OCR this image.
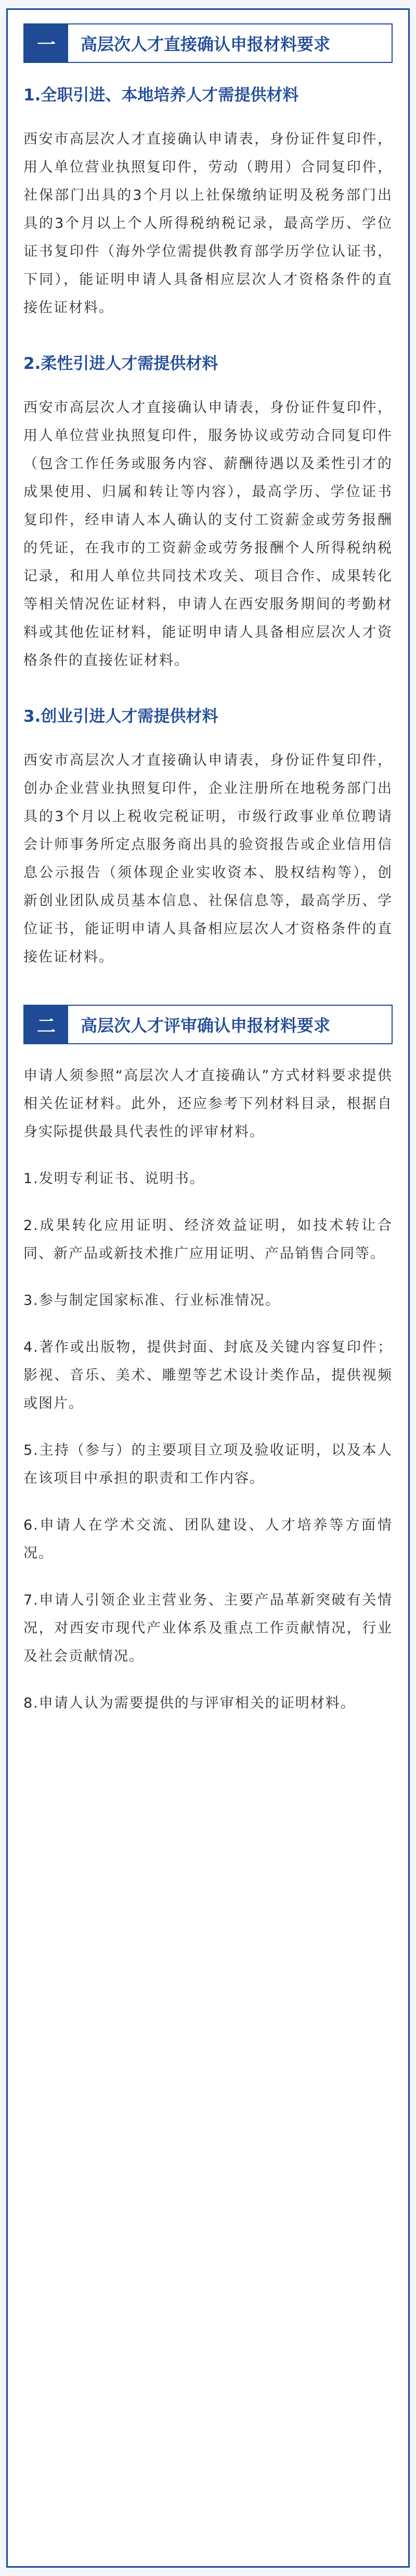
一	高层次人才直接确认申报材料要求
1.全职引进、本地培养人才需提供材料

西安市高层次人才直接确认申请表，身份证件复印件，用人单位营业执照复印件，劳动（聘用）合同复印件，社保部门出具的3个月以上社保缴纳证明及税务部门出具的3个月以上个人所得税纳税记录，最高学历、学位证书复印件（海外学位需提供教育部学历学位认证书，下同），能证明申请人具备相应层次人才资格条件的直接佐证材料。

2.柔性引进人才需提供材料

西安市高层次人才直接确认申请表，身份证件复印件，用人单位营业执照复印件，服务协议或劳动合同复印件（包含工作任务或服务内容、薪酬待遇以及柔性引才的成果使用、归属和转让等内容），最高学历、学位证书复印件，经申请人本人确认的支付工资薪金或劳务报酬的凭证，在我市的工资薪金或劳务报酬个人所得税纳税记录，和用人单位共同技术攻关、项目合作、成果转化等相关情况佐证材料，申请人在西安服务期间的考勤材料或其他佐证材料，能证明申请人具备相应层次人才资格条件的直接佐证材料。

3.创业引进人才需提供材料

西安市高层次人才直接确认申请表，身份证件复印件，创办企业营业执照复印件，企业注册所在地税务部门出具的3个月以上税收完税证明，市级行政事业单位聘请会计师事务所定点服务商出具的验资报告或企业信用信息公示报告（须体现企业实收资本、股权结构等），创新创业团队成员基本信息、社保信息等，最高学历、学位证书，能证明申请人具备相应层次人才资格条件的直接佐证材料。

二	高层次人才评审确认申报材料要求

申请人须参照“高层次人才直接确认”方式材料要求提供相关佐证材料。此外，还应参考下列材料目录，根据自身实际提供最具代表性的评审材料。

1.发明专利证书、说明书。
2.成果转化应用证明、经济效益证明，如技术转让合同、新产品或新技术推广应用证明、产品销售合同等。
3.参与制定国家标准、行业标准情况。
4.著作或出版物，提供封面、封底及关键内容复印件；影视、音乐、美术、雕塑等艺术设计类作品，提供视频或图片。
5.主持（参与）的主要项目立项及验收证明，以及本人在该项目中承担的职责和工作内容。
6.申请人在学术交流、团队建设、人才培养等方面情况。
7.申请人引领企业主营业务、主要产品革新突破有关情况，对西安市现代产业体系及重点工作贡献情况，行业及社会贡献情况。
8.申请人认为需要提供的与评审相关的证明材料。
